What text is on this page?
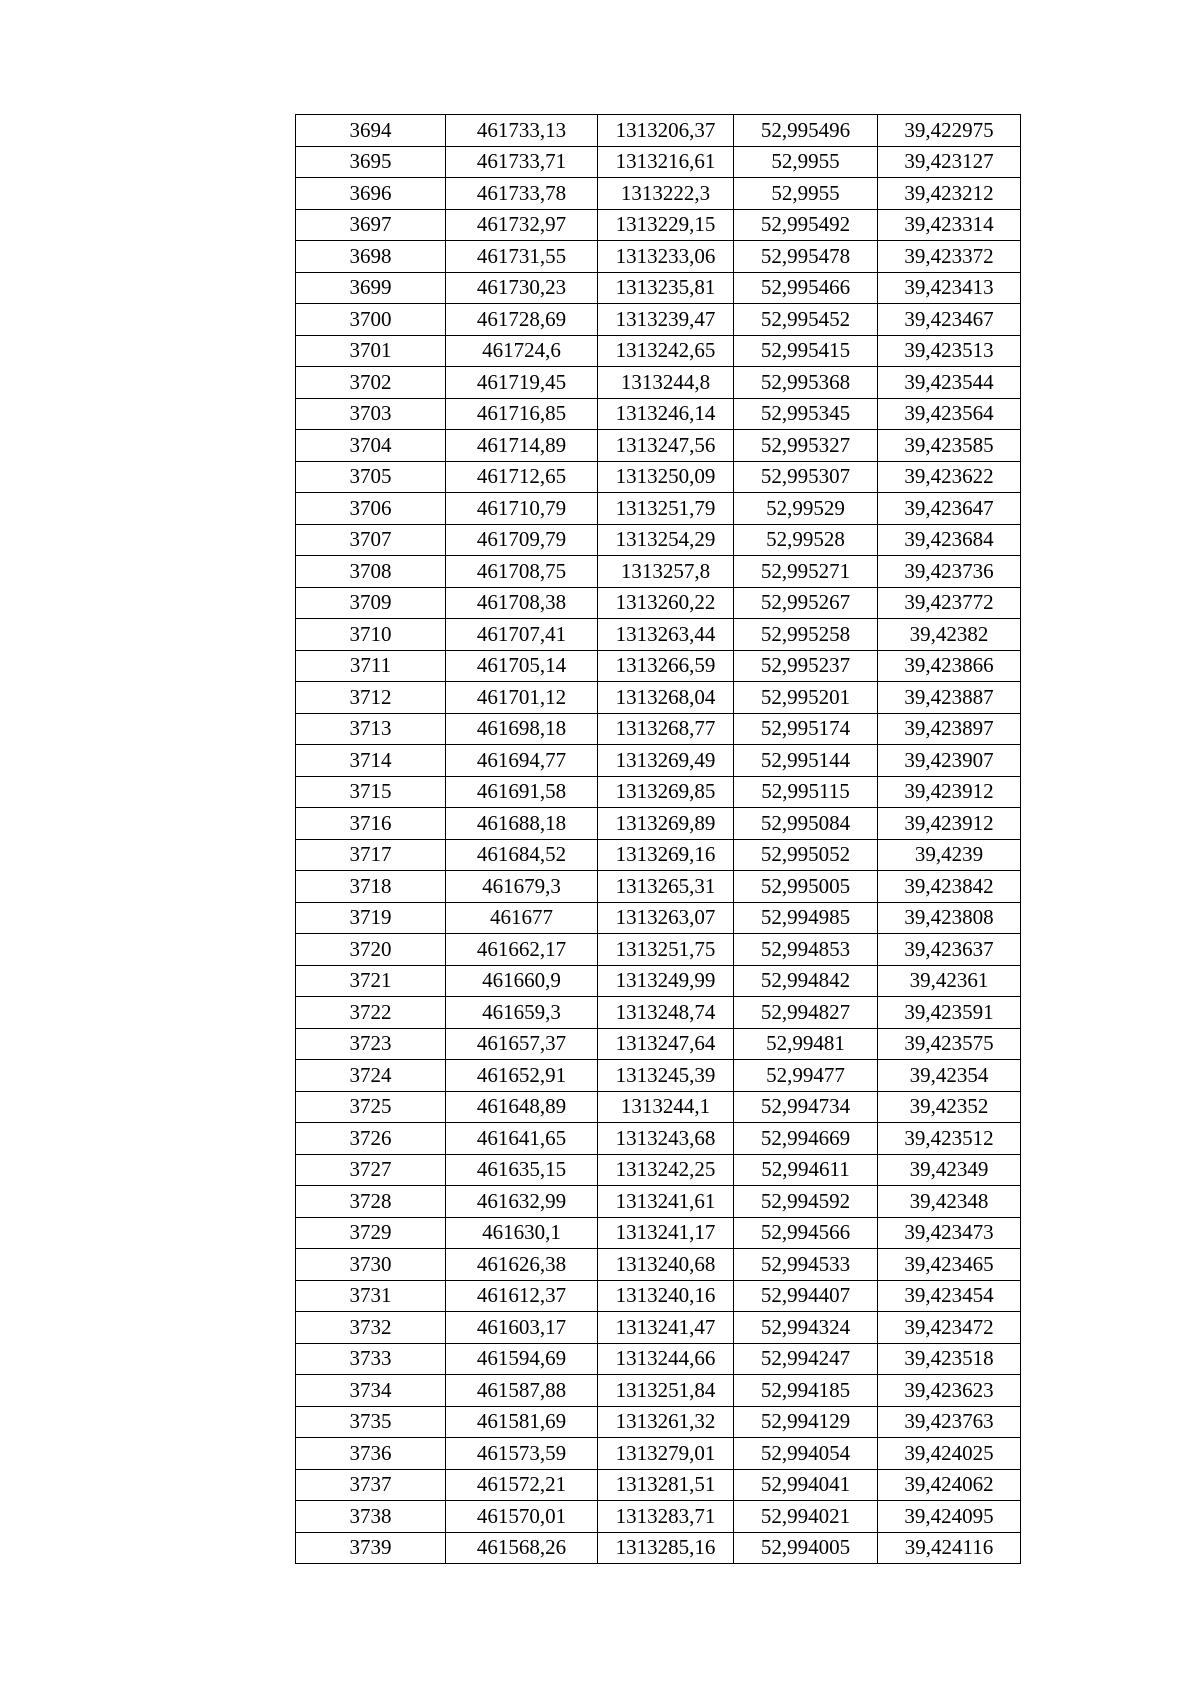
3694	461733,13	1313206,37	52,995496	39,422975
3695	461733,71	1313216,61	52,9955	39,423127
3696	461733,78	1313222,3	52,9955	39,423212
3697	461732,97	1313229,15	52,995492	39,423314
3698	461731,55	1313233,06	52,995478	39,423372
3699	461730,23	1313235,81	52,995466	39,423413
3700	461728,69	1313239,47	52,995452	39,423467
3701	461724,6	1313242,65	52,995415	39,423513
3702	461719,45	1313244,8	52,995368	39,423544
3703	461716,85	1313246,14	52,995345	39,423564
3704	461714,89	1313247,56	52,995327	39,423585
3705	461712,65	1313250,09	52,995307	39,423622
3706	461710,79	1313251,79	52,99529	39,423647
3707	461709,79	1313254,29	52,99528	39,423684
3708	461708,75	1313257,8	52,995271	39,423736
3709	461708,38	1313260,22	52,995267	39,423772
3710	461707,41	1313263,44	52,995258	39,42382
3711	461705,14	1313266,59	52,995237	39,423866
3712	461701,12	1313268,04	52,995201	39,423887
3713	461698,18	1313268,77	52,995174	39,423897
3714	461694,77	1313269,49	52,995144	39,423907
3715	461691,58	1313269,85	52,995115	39,423912
3716	461688,18	1313269,89	52,995084	39,423912
3717	461684,52	1313269,16	52,995052	39,4239
3718	461679,3	1313265,31	52,995005	39,423842
3719	461677	1313263,07	52,994985	39,423808
3720	461662,17	1313251,75	52,994853	39,423637
3721	461660,9	1313249,99	52,994842	39,42361
3722	461659,3	1313248,74	52,994827	39,423591
3723	461657,37	1313247,64	52,99481	39,423575
3724	461652,91	1313245,39	52,99477	39,42354
3725	461648,89	1313244,1	52,994734	39,42352
3726	461641,65	1313243,68	52,994669	39,423512
3727	461635,15	1313242,25	52,994611	39,42349
3728	461632,99	1313241,61	52,994592	39,42348
3729	461630,1	1313241,17	52,994566	39,423473
3730	461626,38	1313240,68	52,994533	39,423465
3731	461612,37	1313240,16	52,994407	39,423454
3732	461603,17	1313241,47	52,994324	39,423472
3733	461594,69	1313244,66	52,994247	39,423518
3734	461587,88	1313251,84	52,994185	39,423623
3735	461581,69	1313261,32	52,994129	39,423763
3736	461573,59	1313279,01	52,994054	39,424025
3737	461572,21	1313281,51	52,994041	39,424062
3738	461570,01	1313283,71	52,994021	39,424095
3739	461568,26	1313285,16	52,994005	39,424116
